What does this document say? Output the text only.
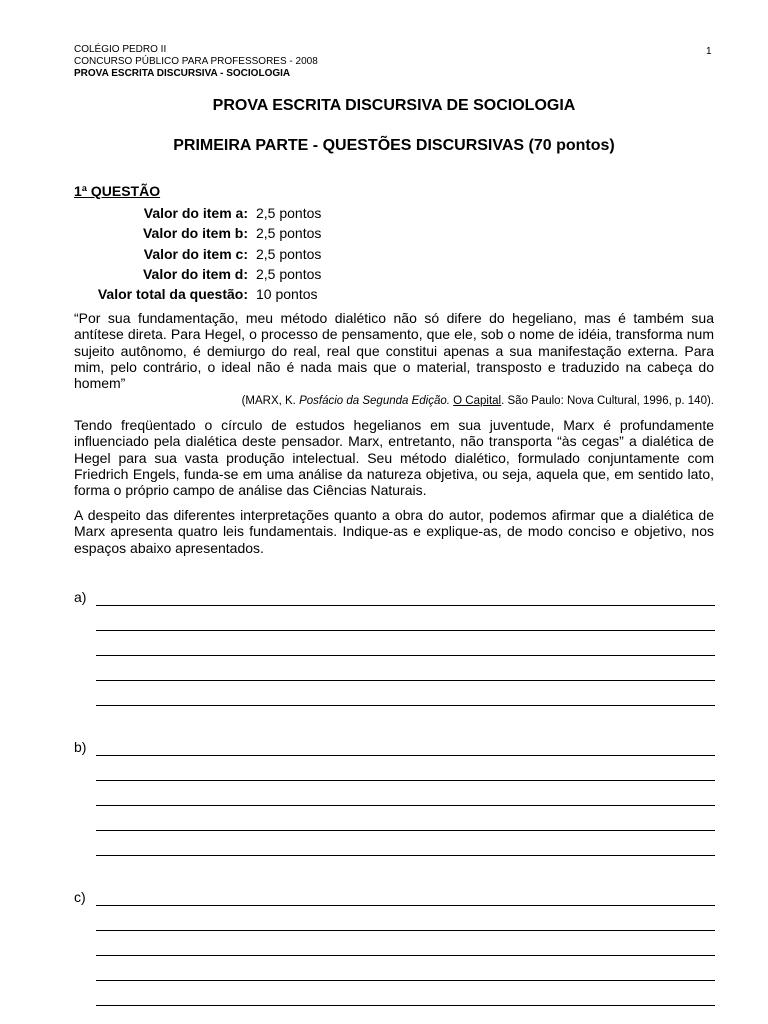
COLÉGIO PEDRO II
CONCURSO PÚBLICO PARA PROFESSORES - 2008
PROVA ESCRITA DISCURSIVA - SOCIOLOGIA
1
PROVA ESCRITA DISCURSIVA DE SOCIOLOGIA
PRIMEIRA PARTE - QUESTÕES DISCURSIVAS (70 pontos)
1ª QUESTÃO
Valor do item a: 2,5 pontos
Valor do item b: 2,5 pontos
Valor do item c: 2,5 pontos
Valor do item d: 2,5 pontos
Valor total da questão: 10 pontos

“Por sua fundamentação, meu método dialético não só difere do hegeliano, mas é também sua antítese direta. Para Hegel, o processo de pensamento, que ele, sob o nome de idéia, transforma num sujeito autônomo, é demiurgo do real, real que constitui apenas a sua manifestação externa. Para mim, pelo contrário, o ideal não é nada mais que o material, transposto e traduzido na cabeça do homem”

(MARX, K. Posfácio da Segunda Edição. O Capital. São Paulo: Nova Cultural, 1996, p. 140).

Tendo freqüentado o círculo de estudos hegelianos em sua juventude, Marx é profundamente influenciado pela dialética deste pensador. Marx, entretanto, não transporta “às cegas” a dialética de Hegel para sua vasta produção intelectual. Seu método dialético, formulado conjuntamente com Friedrich Engels, funda-se em uma análise da natureza objetiva, ou seja, aquela que, em sentido lato, forma o próprio campo de análise das Ciências Naturais.

A despeito das diferentes interpretações quanto a obra do autor, podemos afirmar que a dialética de Marx apresenta quatro leis fundamentais. Indique-as e explique-as, de modo conciso e objetivo, nos espaços abaixo apresentados.

a)
b)
c)
